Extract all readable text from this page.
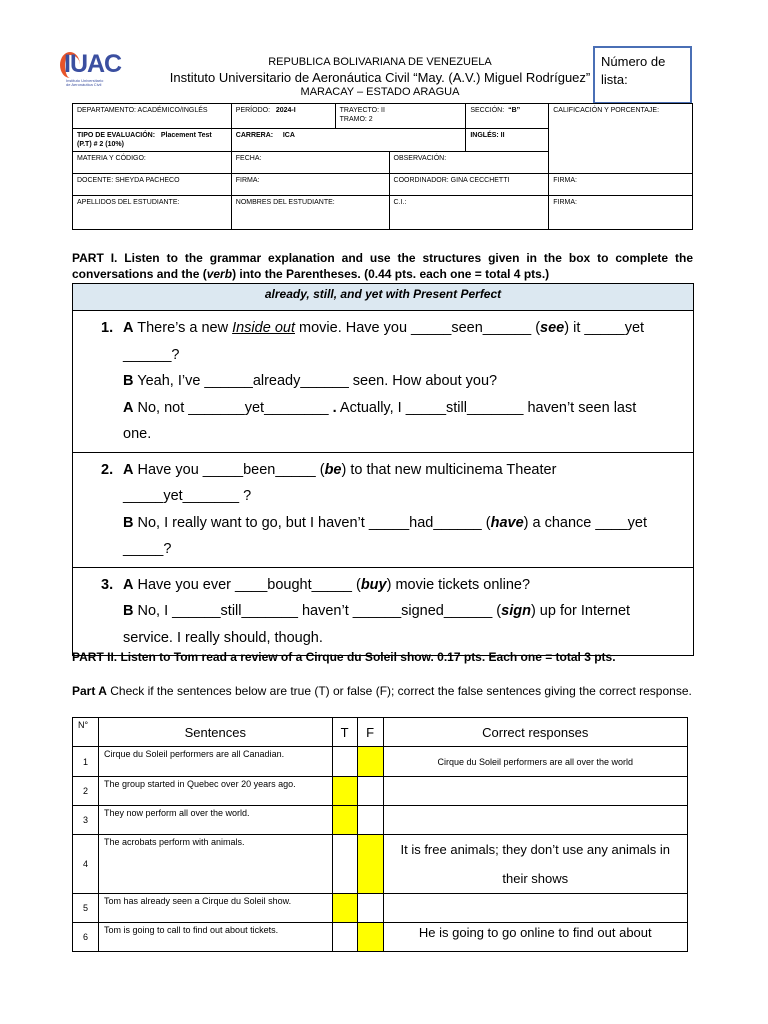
IUAC
Instituto Universitario
de Aeronáutica Civil
REPUBLICA BOLIVARIANA DE VENEZUELA
Instituto Universitario de Aeronáutica Civil “May. (A.V.) Miguel Rodríguez”
MARACAY – ESTADO ARAGUA
Número de lista:
DEPARTAMENTO: ACADÉMICO/INGLÉS	PERÍODO: 2024-I	TRAYECTO: II
TRAMO: 2		SECCIÓN: “B”	CALIFICACIÓN Y PORCENTAJE:
TIPO DE EVALUACIÓN: Placement Test (P.T) # 2 (10%)	CARRERA: ICA			INGLÉS: II	
MATERIA Y CÓDIGO:	FECHA:		OBSERVACIÓN:		
DOCENTE: SHEYDA PACHECO	FIRMA:		COORDINADOR: GINA CECCHETTI		FIRMA:
APELLIDOS DEL ESTUDIANTE:	NOMBRES DEL ESTUDIANTE:		C.I.:		FIRMA:
PART I. Listen to the grammar explanation and use the structures given in the box to complete the conversations and the (verb) into the Parentheses. (0.44 pts. each one = total 4 pts.)
already, still, and yet with Present Perfect
1. A There’s a new Inside out movie. Have you _____seen______ (see) it _____yet
______?
B Yeah, I’ve ______already______ seen. How about you?
A No, not _______yet________ . Actually, I _____still_______ haven’t seen last
one.
2. A Have you _____been_____ (be) to that new multicinema Theater
_____yet_______ ?
B No, I really want to go, but I haven’t _____had______ (have) a chance ____yet
_____?
3. A Have you ever ____bought_____ (buy) movie tickets online?
B No, I ______still_______ haven’t ______signed______ (sign) up for Internet
service. I really should, though.
PART II. Listen to Tom read a review of a Cirque du Soleil show. 0.17 pts. Each one = total 3 pts.
Part A Check if the sentences below are true (T) or false (F); correct the false sentences giving the correct response.
N°	Sentences	T	F	Correct responses
1	Cirque du Soleil performers are all Canadian.			Cirque du Soleil performers are all over the world
2	The group started in Quebec over 20 years ago.			
3	They now perform all over the world.			
4	The acrobats perform with animals.			It is free animals; they don’t use any animals in their shows
5	Tom has already seen a Cirque du Soleil show.			
6	Tom is going to call to find out about tickets.			He is going to go online to find out about
